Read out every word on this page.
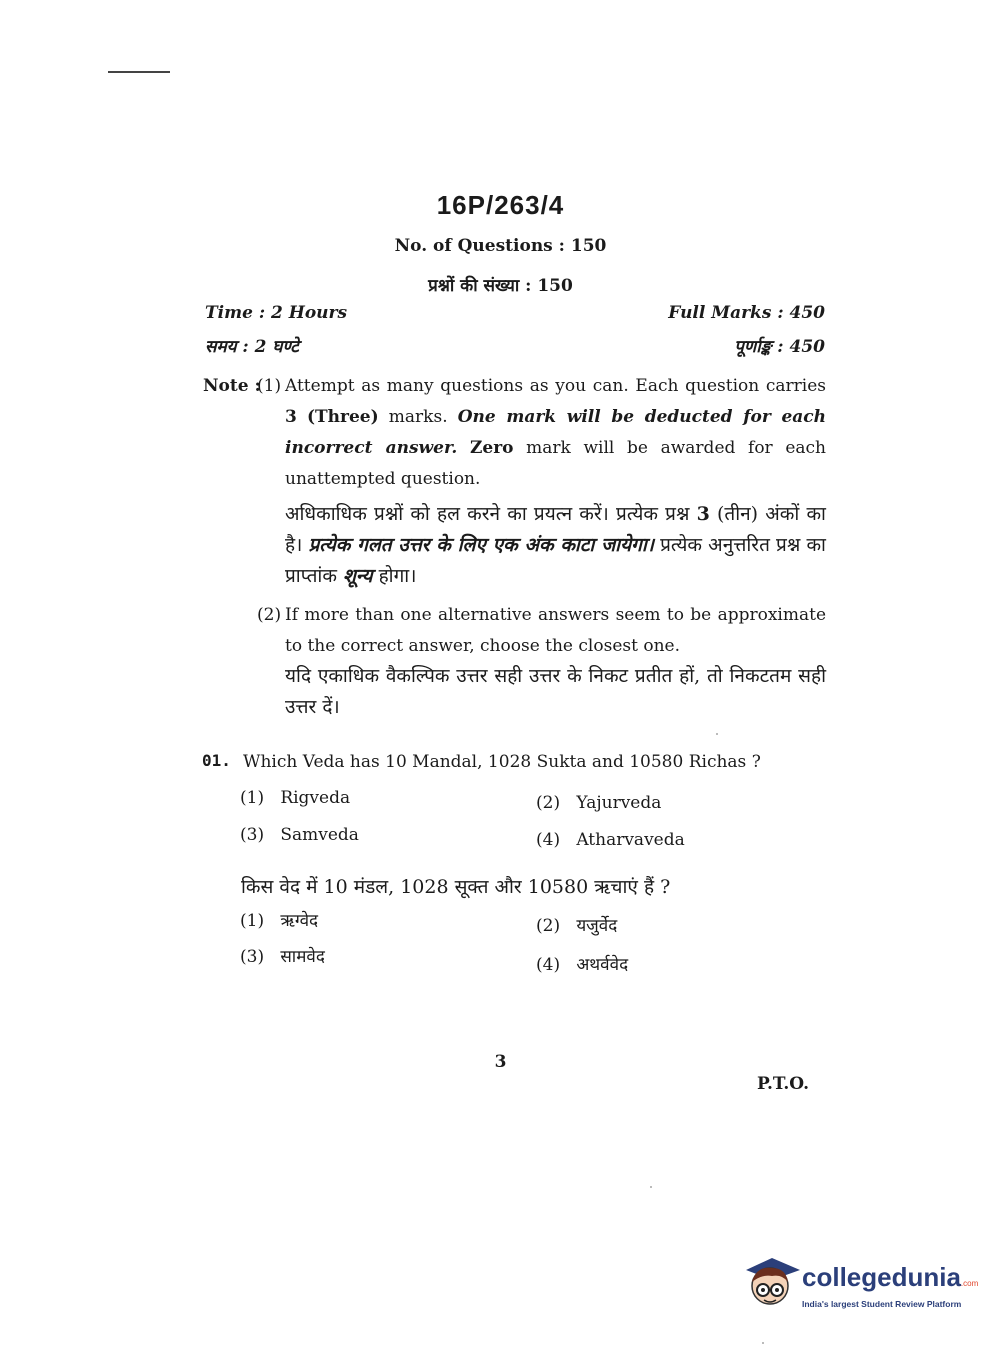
16P/263/4
No. of Questions : 150
प्रश्नों की संख्या : 150
Time : 2 Hours
समय : 2 घण्टे
Full Marks : 450
पूर्णाङ्क : 450
Note :
(1) Attempt as many questions as you can. Each question carries 3 (Three) marks. One mark will be deducted for each incorrect answer. Zero mark will be awarded for each unattempted question.
अधिकाधिक प्रश्नों को हल करने का प्रयत्न करें। प्रत्येक प्रश्न 3 (तीन) अंकों का है। प्रत्येक गलत उत्तर के लिए एक अंक काटा जायेगा। प्रत्येक अनुत्तरित प्रश्न का प्राप्तांक शून्य होगा।
(2) If more than one alternative answers seem to be approximate to the correct answer, choose the closest one.
यदि एकाधिक वैकल्पिक उत्तर सही उत्तर के निकट प्रतीत हों, तो निकटतम सही उत्तर दें।
01. Which Veda has 10 Mandal, 1028 Sukta and 10580 Richas ?
(1) Rigveda	(2) Yajurveda
(3) Samveda	(4) Atharvaveda
किस वेद में 10 मंडल, 1028 सूक्त और 10580 ऋचाएं हैं ?
(1) ऋग्वेद	(2) यजुर्वेद
(3) सामवेद	(4) अथर्ववेद
3
P.T.O.
collegedunia.com
India's largest Student Review Platform
